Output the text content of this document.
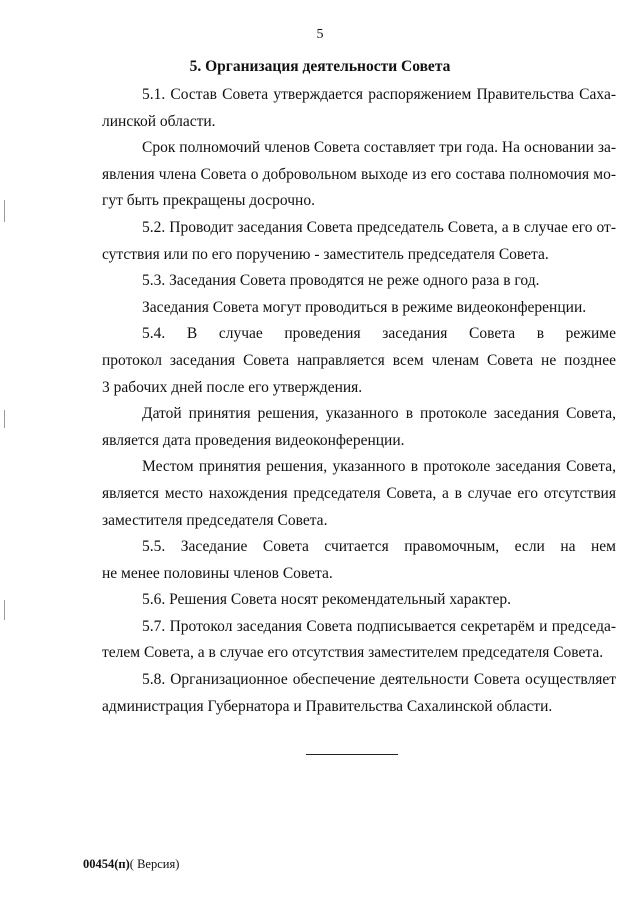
5
5. Организация деятельности Совета
5.1. Состав Совета утверждается распоряжением Правительства Саха-
линской области.
Срок полномочий членов Совета составляет три года. На основании за-
явления члена Совета о добровольном выходе из его состава полномочия мо-
гут быть прекращены досрочно.
5.2. Проводит заседания Совета председатель Совета, а в случае его от-
сутствия или по его поручению - заместитель председателя Совета.
5.3. Заседания Совета проводятся не реже одного раза в год.
Заседания Совета могут проводиться в режиме видеоконференции.
5.4. В случае проведения заседания Совета в режиме
протокол заседания Совета направляется всем членам Совета не позднее
3 рабочих дней после его утверждения.
Датой принятия решения, указанного в протоколе заседания Совета,
является дата проведения видеоконференции.
Местом принятия решения, указанного в протоколе заседания Совета,
является место нахождения председателя Совета, а в случае его отсутствия
заместителя председателя Совета.
5.5. Заседание Совета считается правомочным, если на нем
не менее половины членов Совета.
5.6. Решения Совета носят рекомендательный характер.
5.7. Протокол заседания Совета подписывается секретарём и председа-
телем Совета, а в случае его отсутствия заместителем председателя Совета.
5.8. Организационное обеспечение деятельности Совета осуществляет
администрация Губернатора и Правительства Сахалинской области.
00454(п)( Версия)
